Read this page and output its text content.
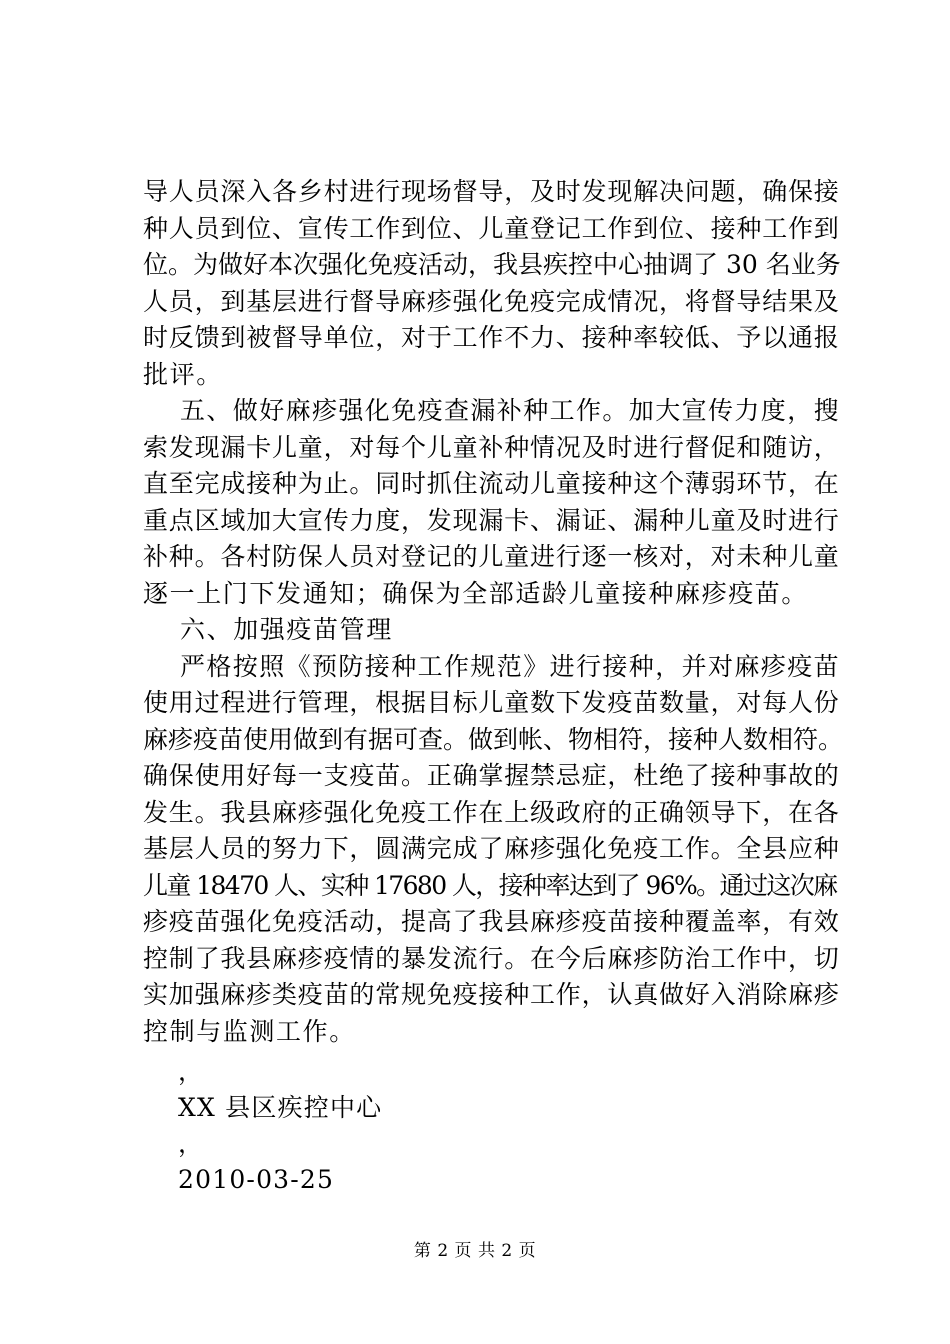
导人员深入各乡村进行现场督导，及时发现解决问题，确保接
种人员到位、宣传工作到位、儿童登记工作到位、接种工作到
位。为做好本次强化免疫活动，我县疾控中心抽调了 30 名业务
人员，到基层进行督导麻疹强化免疫完成情况，将督导结果及
时反馈到被督导单位，对于工作不力、接种率较低、予以通报
批评。
五、做好麻疹强化免疫查漏补种工作。加大宣传力度，搜
索发现漏卡儿童，对每个儿童补种情况及时进行督促和随访，
直至完成接种为止。同时抓住流动儿童接种这个薄弱环节，在
重点区域加大宣传力度，发现漏卡、漏证、漏种儿童及时进行
补种。各村防保人员对登记的儿童进行逐一核对，对未种儿童
逐一上门下发通知；确保为全部适龄儿童接种麻疹疫苗。
六、加强疫苗管理
严格按照《预防接种工作规范》进行接种，并对麻疹疫苗
使用过程进行管理，根据目标儿童数下发疫苗数量，对每人份
麻疹疫苗使用做到有据可查。做到帐、物相符，接种人数相符。
确保使用好每一支疫苗。正确掌握禁忌症，杜绝了接种事故的
发生。我县麻疹强化免疫工作在上级政府的正确领导下，在各
基层人员的努力下，圆满完成了麻疹强化免疫工作。全县应种
儿童 18470 人、实种 17680 人，接种率达到了 96%。通过这次麻
疹疫苗强化免疫活动，提高了我县麻疹疫苗接种覆盖率，有效
控制了我县麻疹疫情的暴发流行。在今后麻疹防治工作中，切
实加强麻疹类疫苗的常规免疫接种工作，认真做好入消除麻疹
控制与监测工作。
，
XX 县区疾控中心
，
2010-03-25
第 2 页 共 2 页
